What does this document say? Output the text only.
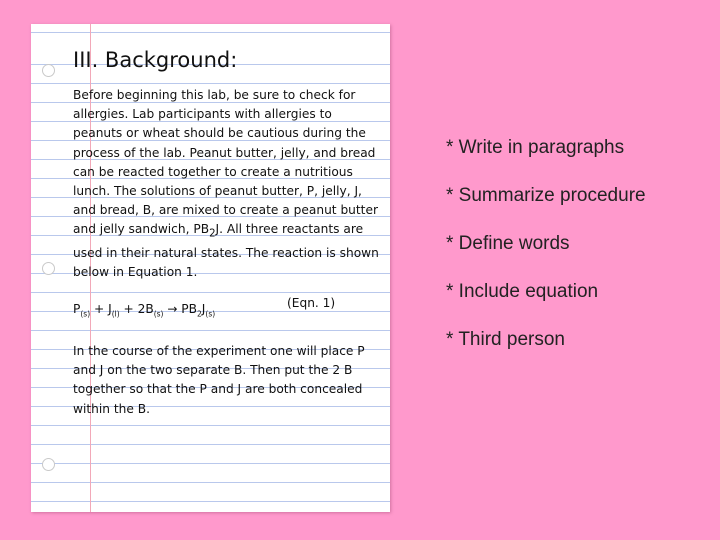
III. Background:

Before beginning this lab, be sure to check for allergies. Lab participants with allergies to peanuts or wheat should be cautious during the process of the lab. Peanut butter, jelly, and bread can be reacted together to create a nutritious lunch. The solutions of peanut butter, P, jelly, J, and bread, B, are mixed to create a peanut butter and jelly sandwich, $PB_2J$. All three reactants are used in their natural states. The reaction is shown below in Equation 1.

$P_{(s)} + J_{(l)} + 2B_{(s)} \to PB_2J_{(s)}$
(Eqn. 1)

In the course of the experiment one will place P and J on the two separate B. Then put the 2 B together so that the P and J are both concealed within the B.

* Write in paragraphs
* Summarize procedure
* Define words
* Include equation
* Third person
